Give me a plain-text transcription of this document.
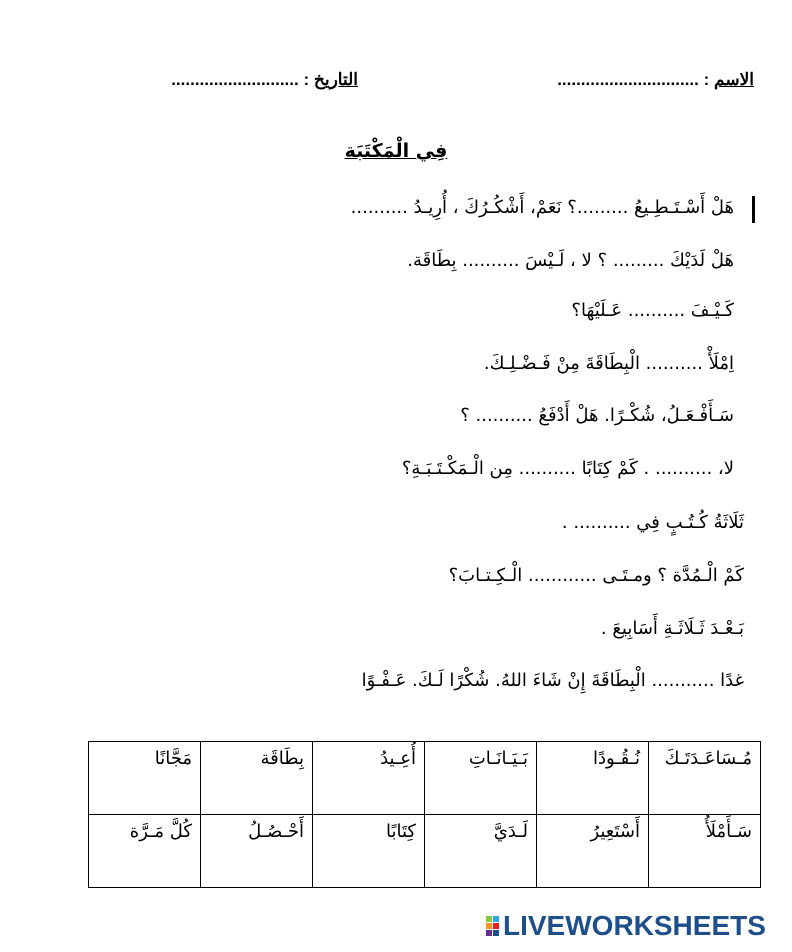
الاسم : ..............................
التاريخ : ...........................
فِي الْمَكْتَبَة
هَلْ أَسْـتَـطِـيعُ .........؟ نَعَمْ، أَشْكُـرُكَ ، أُرِيـدُ ..........
هَلْ لَدَيْكَ ......... ؟ لا ، لَـيْسَ .......... بِطَاقَة.
كَـيْـفَ .......... عَـلَيْهَا؟
اِمْلَأْ .......... الْبِطَاقَةَ مِنْ فَـضْـلِـكَ.
سَـأَفْـعَـلُ، شُكْـرًا. هَلْ أَدْفَعُ .......... ؟
لا، .......... . كَمْ كِتَابًا .......... مِن الْـمَكْـتَـبَـةِ؟
ثَلَاثَةُ كُـتُـبٍ فِي .......... .
كَمْ الْـمُدَّة ؟ ومـتَـى ............ الْـكِـتـابَ؟
بَـعْـدَ ثَـلَاثَـةِ أَسَابِيعَ .
غدًا ........... الْبِطَاقَةَ إِنْ شَاءَ اللهُ. شُكْرًا لَـكَ. عَـفْـوًا
مُـسَاعَـدَتَـكَ	نُـقُـودًا	بَـيَـانَـاتِ	أُعِـيدُ	بِطَاقَة	مَجَّانًا
سَـأَمْلَأُ	أَسْتَعِيرُ	لَـدَيَّ	كِتَابًا	أَحْـصُـلُ	كُلَّ مَـرَّة
LIVEWORKSHEETS
